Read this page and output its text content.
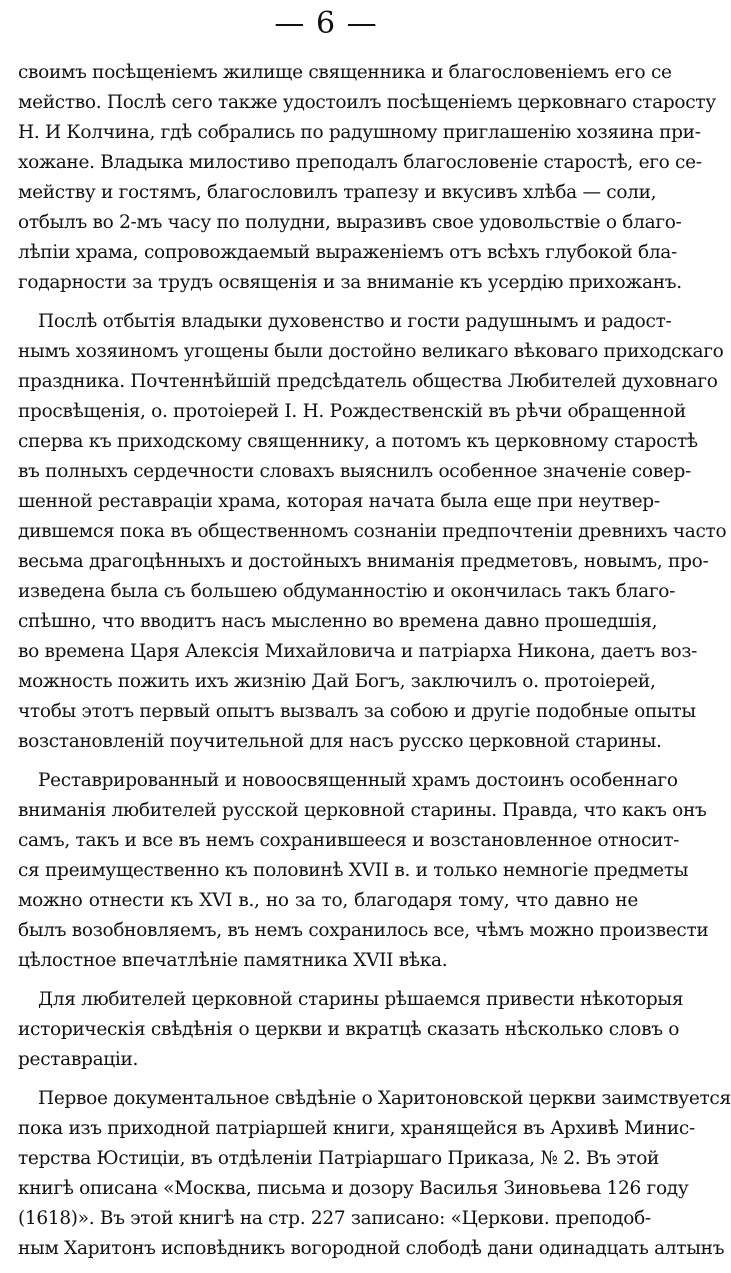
— 6 —
своимъ посѣщеніемъ жилище священника и благословеніемъ его се
мейство. Послѣ сего также удостоилъ посѣщеніемъ церковнаго старосту
Н. И Колчина, гдѣ собрались по радушному приглашенію хозяина при-
хожане. Владыка милостиво преподалъ благословеніе старостѣ, его се-
мейству и гостямъ, благословилъ трапезу и вкусивъ хлѣба — соли,
отбылъ во 2-мъ часу по полудни, выразивъ свое удовольствіе о благо-
лѣпіи храма, сопровождаемый выраженіемъ отъ всѣхъ глубокой бла-
годарности за трудъ освященія и за вниманіе къ усердію прихожанъ.
Послѣ отбытія владыки духовенство и гости радушнымъ и радост-
нымъ хозяиномъ угощены были достойно великаго вѣковаго приходскаго
праздника. Почтеннѣйшій предсѣдатель общества Любителей духовнаго
просвѣщенія, о. протоіерей І. Н. Рождественскій въ рѣчи обращенной
сперва къ приходскому священнику, а потомъ къ церковному старостѣ
въ полныхъ сердечности словахъ выяснилъ особенное значеніе совер-
шенной реставраціи храма, которая начата была еще при неутвер-
дившемся пока въ общественномъ сознаніи предпочтеніи древнихъ часто
весьма драгоцѣнныхъ и достойныхъ вниманія предметовъ, новымъ, про-
изведена была съ большею обдуманностію и окончилась такъ благо-
спѣшно, что вводитъ насъ мысленно во времена давно прошедшія,
во времена Царя Алексія Михайловича и патріарха Никона, даетъ воз-
можность пожить ихъ жизнію Дай Богъ, заключилъ о. протоіерей,
чтобы этотъ первый опытъ вызвалъ за собою и другіе подобные опыты
возстановленій поучительной для насъ русско церковной старины.
Реставрированный и новоосвященный храмъ достоинъ особеннаго
вниманія любителей русской церковной старины. Правда, что какъ онъ
самъ, такъ и все въ немъ сохранившееся и возстановленное относит-
ся преимущественно къ половинѣ XVII в. и только немногіе предметы
можно отнести къ XVI в., но за то, благодаря тому, что давно не
былъ возобновляемъ, въ немъ сохранилось все, чѣмъ можно произвести
цѣлостное впечатлѣніе памятника XVII вѣка.
Для любителей церковной старины рѣшаемся привести нѣкоторыя
историческія свѣдѣнія о церкви и вкратцѣ сказать нѣсколько словъ о
реставраціи.
Первое документальное свѣдѣніе о Харитоновской церкви заимствуется
пока изъ приходной патріаршей книги, хранящейся въ Архивѣ Минис-
терства Юстиціи, въ отдѣленіи Патріаршаго Приказа, № 2. Въ этой
книгѣ описана «Москва, письма и дозору Василья Зиновьева 126 году
(1618)». Въ этой книгѣ на стр. 227 записано: «Церкови. преподоб-
ным Харитонъ исповѣдникъ вогородной слободѣ дани одинадцать алтынъ
